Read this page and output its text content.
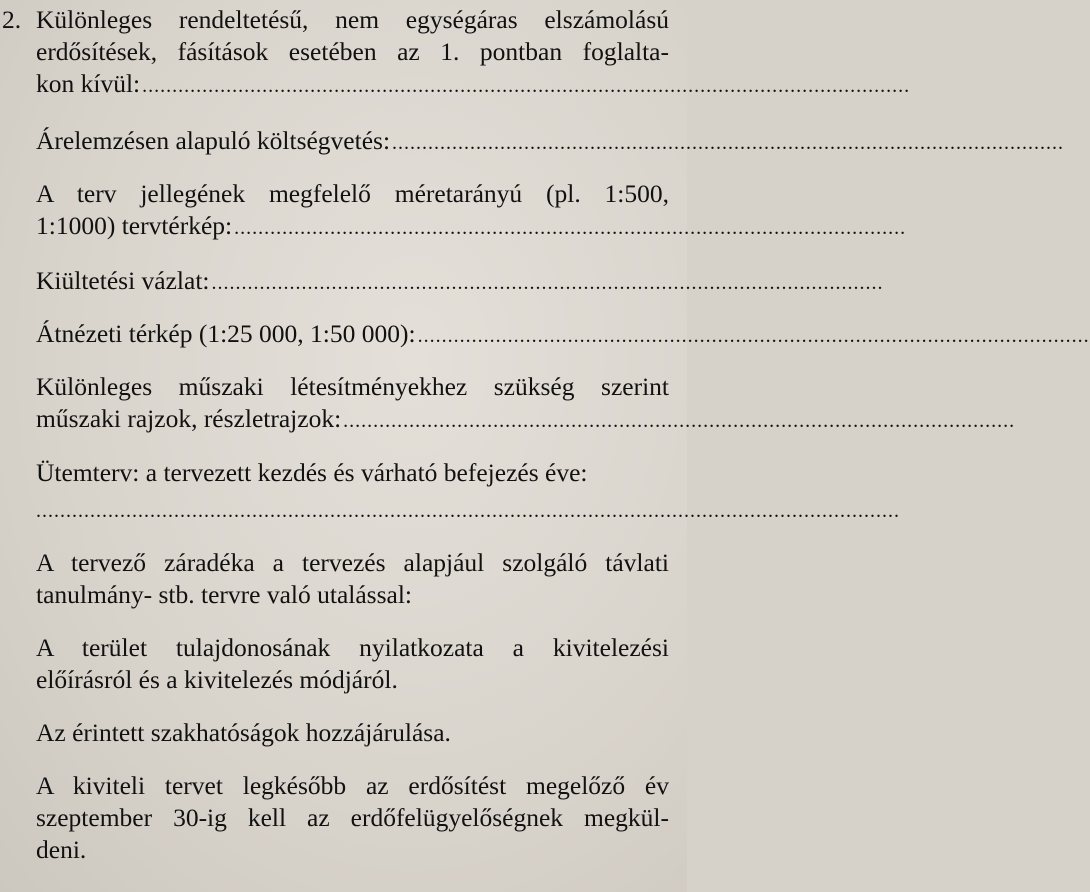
2. Különleges rendeltetésű, nem egységáras elszámolású
erdősítések, fásítások esetében az 1. pontban foglalta-
kon kívül: ................................................................................................................................
Árelemzésen alapuló költségvetés: ................................................................................................................
A terv jellegének megfelelő méretarányú (pl. 1:500,
1:1000) tervtérkép: ................................................................................................................
Kiültetési vázlat: ................................................................................................................
Átnézeti térkép (1:25 000, 1:50 000): ................................................................................................................
Különleges műszaki létesítményekhez szükség szerint
műszaki rajzok, részletrajzok: ................................................................................................................
Ütemterv: a tervezett kezdés és várható befejezés éve:
................................................................................................................................................
A tervező záradéka a tervezés alapjául szolgáló távlati
tanulmány- stb. tervre való utalással:
A terület tulajdonosának nyilatkozata a kivitelezési
előírásról és a kivitelezés módjáról.
Az érintett szakhatóságok hozzájárulása.
A kiviteli tervet legkésőbb az erdősítést megelőző év
szeptember 30-ig kell az erdőfelügyelőségnek megkül-
deni.
